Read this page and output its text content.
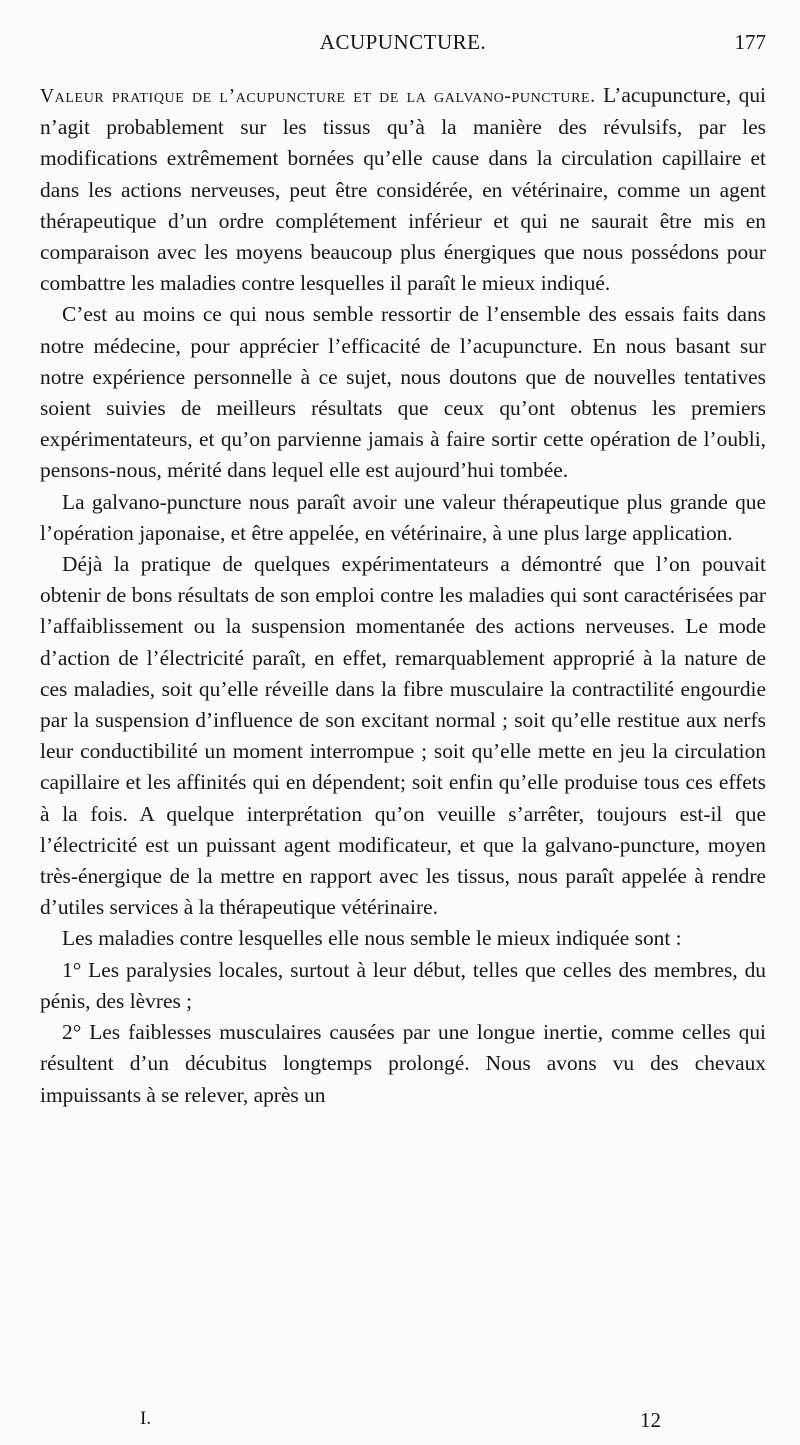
ACUPUNCTURE.	177

Valeur pratique de l’acupuncture et de la galvano-puncture. L’acupuncture, qui n’agit probablement sur les tissus qu’à la manière des révulsifs, par les modifications extrêmement bornées qu’elle cause dans la circulation capillaire et dans les actions nerveuses, peut être considérée, en vétérinaire, comme un agent thérapeutique d’un ordre complétement inférieur et qui ne saurait être mis en comparaison avec les moyens beaucoup plus énergiques que nous possédons pour combattre les maladies contre lesquelles il paraît le mieux indiqué.

C’est au moins ce qui nous semble ressortir de l’ensemble des essais faits dans notre médecine, pour apprécier l’efficacité de l’acupuncture. En nous basant sur notre expérience personnelle à ce sujet, nous doutons que de nouvelles tentatives soient suivies de meilleurs résultats que ceux qu’ont obtenus les premiers expérimentateurs, et qu’on parvienne jamais à faire sortir cette opération de l’oubli, pensons-nous, mérité dans lequel elle est aujourd’hui tombée.

La galvano-puncture nous paraît avoir une valeur thérapeutique plus grande que l’opération japonaise, et être appelée, en vétérinaire, à une plus large application.

Déjà la pratique de quelques expérimentateurs a démontré que l’on pouvait obtenir de bons résultats de son emploi contre les maladies qui sont caractérisées par l’affaiblissement ou la suspension momentanée des actions nerveuses. Le mode d’action de l’électricité paraît, en effet, remarquablement approprié à la nature de ces maladies, soit qu’elle réveille dans la fibre musculaire la contractilité engourdie par la suspension d’influence de son excitant normal ; soit qu’elle restitue aux nerfs leur conductibilité un moment interrompue ; soit qu’elle mette en jeu la circulation capillaire et les affinités qui en dépendent; soit enfin qu’elle produise tous ces effets à la fois. A quelque interprétation qu’on veuille s’arrêter, toujours est-il que l’électricité est un puissant agent modificateur, et que la galvano-puncture, moyen très-énergique de la mettre en rapport avec les tissus, nous paraît appelée à rendre d’utiles services à la thérapeutique vétérinaire.

Les maladies contre lesquelles elle nous semble le mieux indiquée sont :

1° Les paralysies locales, surtout à leur début, telles que celles des membres, du pénis, des lèvres ;

2° Les faiblesses musculaires causées par une longue inertie, comme celles qui résultent d’un décubitus longtemps prolongé. Nous avons vu des chevaux impuissants à se relever, après un

I.	12
